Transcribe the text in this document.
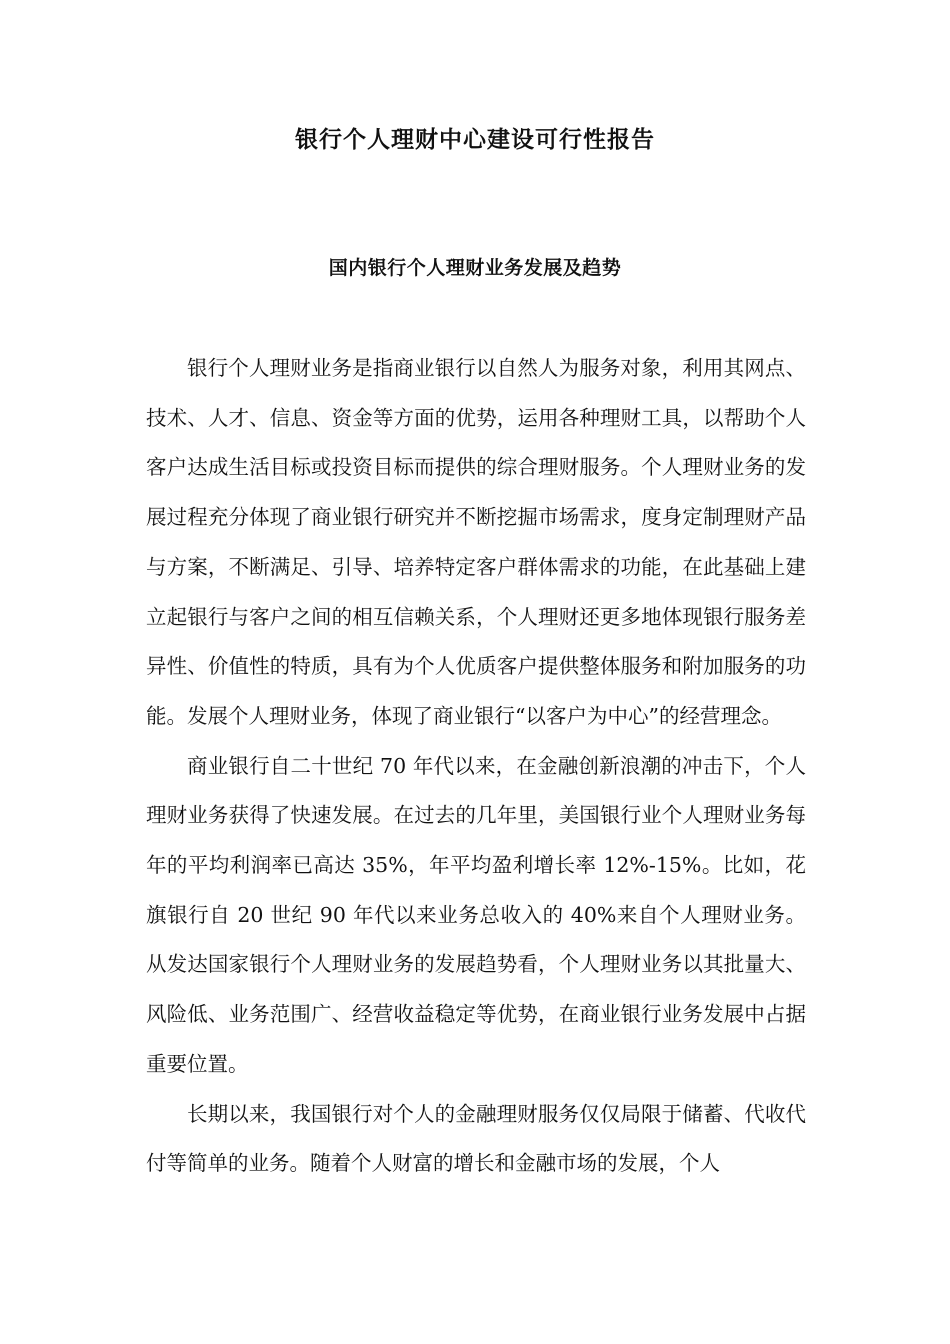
银行个人理财中心建设可行性报告
国内银行个人理财业务发展及趋势

银行个人理财业务是指商业银行以自然人为服务对象，利用其网点、技术、人才、信息、资金等方面的优势，运用各种理财工具，以帮助个人客户达成生活目标或投资目标而提供的综合理财服务。个人理财业务的发展过程充分体现了商业银行研究并不断挖掘市场需求，度身定制理财产品与方案，不断满足、引导、培养特定客户群体需求的功能，在此基础上建立起银行与客户之间的相互信赖关系，个人理财还更多地体现银行服务差异性、价值性的特质，具有为个人优质客户提供整体服务和附加服务的功能。发展个人理财业务，体现了商业银行“以客户为中心”的经营理念。

商业银行自二十世纪 70 年代以来，在金融创新浪潮的冲击下，个人理财业务获得了快速发展。在过去的几年里，美国银行业个人理财业务每年的平均利润率已高达 35%，年平均盈利增长率 12%-15%。比如，花旗银行自 20 世纪 90 年代以来业务总收入的 40%来自个人理财业务。从发达国家银行个人理财业务的发展趋势看，个人理财业务以其批量大、风险低、业务范围广、经营收益稳定等优势，在商业银行业务发展中占据重要位置。

长期以来，我国银行对个人的金融理财服务仅仅局限于储蓄、代收代付等简单的业务。随着个人财富的增长和金融市场的发展，个人
